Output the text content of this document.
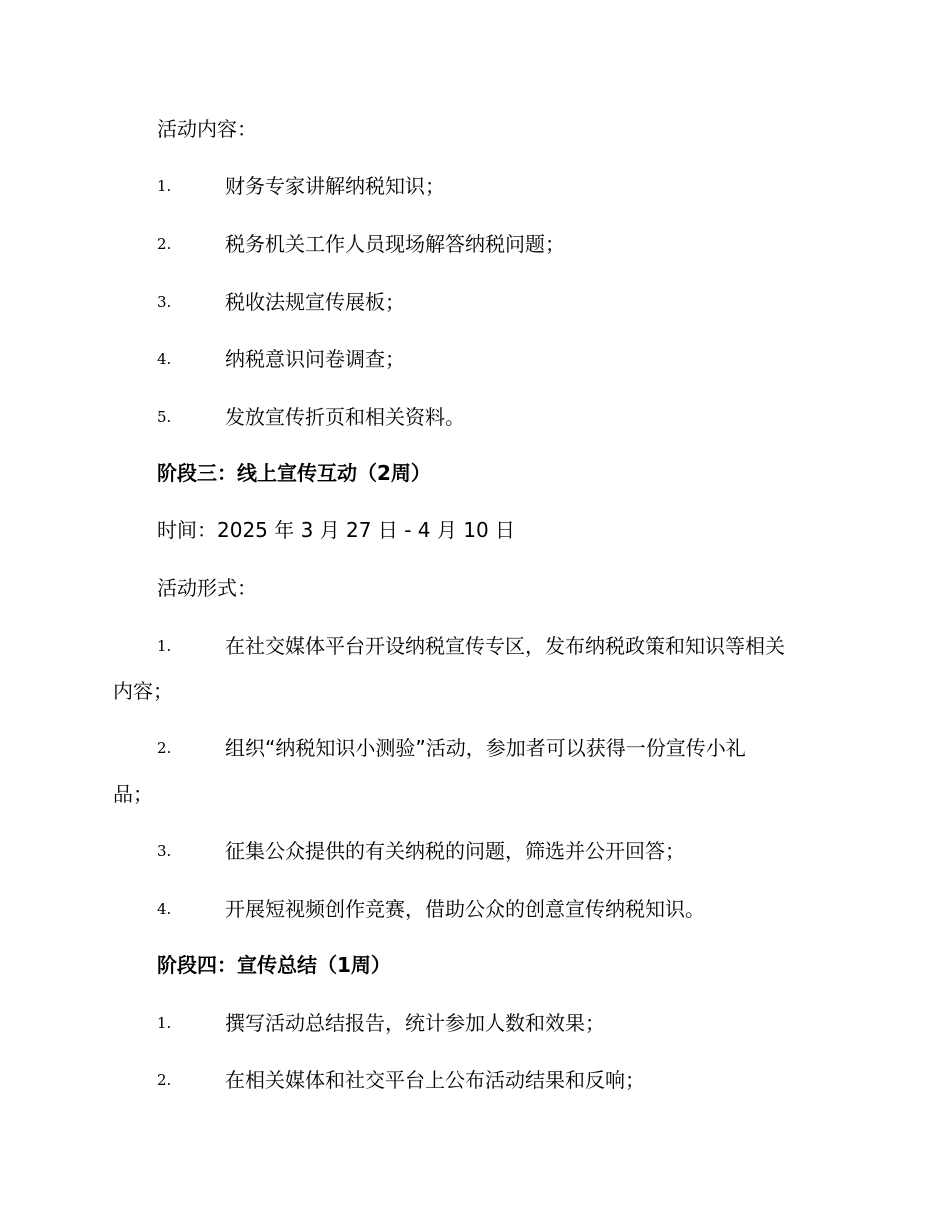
活动内容：
1.	财务专家讲解纳税知识；
2.	税务机关工作人员现场解答纳税问题；
3.	税收法规宣传展板；
4.	纳税意识问卷调查；
5.	发放宣传折页和相关资料。
阶段三：线上宣传互动（2周）
时间：2025 年 3 月 27 日 - 4 月 10 日
活动形式：
1.	在社交媒体平台开设纳税宣传专区，发布纳税政策和知识等相关
内容；
2.	组织“纳税知识小测验”活动，参加者可以获得一份宣传小礼
品；
3.	征集公众提供的有关纳税的问题，筛选并公开回答；
4.	开展短视频创作竞赛，借助公众的创意宣传纳税知识。
阶段四：宣传总结（1周）
1.	撰写活动总结报告，统计参加人数和效果；
2.	在相关媒体和社交平台上公布活动结果和反响；
